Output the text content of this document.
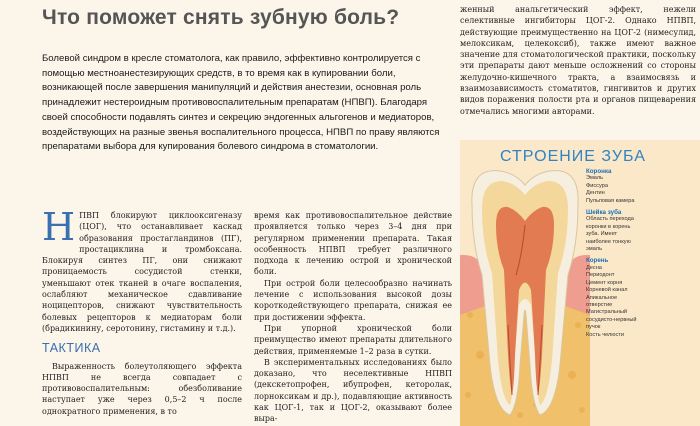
Что поможет снять зубную боль?

Болевой синдром в кресле стоматолога, как правило, эффективно контролируется с помощью местноанестезирующих средств, в то время как в купировании боли, возникающей после завершения манипуляций и действия анестезии, основная роль принадлежит нестероидным противовоспалительным препаратам (НПВП). Благодаря своей способности подавлять синтез и секрецию эндогенных альгогенов и медиаторов, воздействующих на разные звенья воспалительного процесса, НПВП по праву являются препаратами выбора для купирования болевого синдрома в стоматологии.

НПВП блокируют циклооксигеназу (ЦОГ), что останавливает каскад образования простагландинов (ПГ), простациклина и тромбоксана. Блокируя синтез ПГ, они снижают проницаемость сосудистой стенки, уменьшают отек тканей в очаге воспаления, ослабляют механическое сдавливание ноцицепторов, снижают чувствительность болевых рецепторов к медиаторам боли (брадикинину, серотонину, гистамину и т.д.).

ТАКТИКА

Выраженность болеутоляющего эффекта НПВП не всегда совпадает с противовоспалительным: обезболивание наступает уже через 0,5–2 ч после однократного применения, в то

время как противовоспалительное действие проявляется только через 3–4 дня при регулярном применении препарата. Такая особенность НПВП требует различного подхода к лечению острой и хронической боли.

При острой боли целесообразно начинать лечение с использования высокой дозы короткодействующего препарата, снижая ее при достижении эффекта.

При упорной хронической боли преимущество имеют препараты длительного действия, применяемые 1–2 раза в сутки.

В экспериментальных исследованиях было доказано, что неселективные НПВП (декскетопрофен, ибупрофен, кеторолак, лорноксикам и др.), подавляющие активность как ЦОГ-1, так и ЦОГ-2, оказывают более выра-

женный анальгетический эффект, нежели селективные ингибиторы ЦОГ-2. Однако НПВП, действующие преимущественно на ЦОГ-2 (нимесулид, мелоксикам, целекоксиб), также имеют важное значение для стоматологической практики, поскольку эти препараты дают меньше осложнений со стороны желудочно-кишечного тракта, а взаимосвязь и взаимозависимость стоматитов, гингивитов и других видов поражения полости рта и органов пищеварения отмечались многими авторами.

СТРОЕНИЕ ЗУБА
Коронка
Эмаль
Фиссура
Дентин
Пульповая камера
Шейка зуба
Область перехода
коронки в корень
зуба. Имеет
наиболее тонкую
эмаль
Корень
Десна
Периодонт
Цемент корня
Корневой канал
Апикальное
отверстие
Магистральный
сосудисто-нервный
пучок
Кость челюсти
